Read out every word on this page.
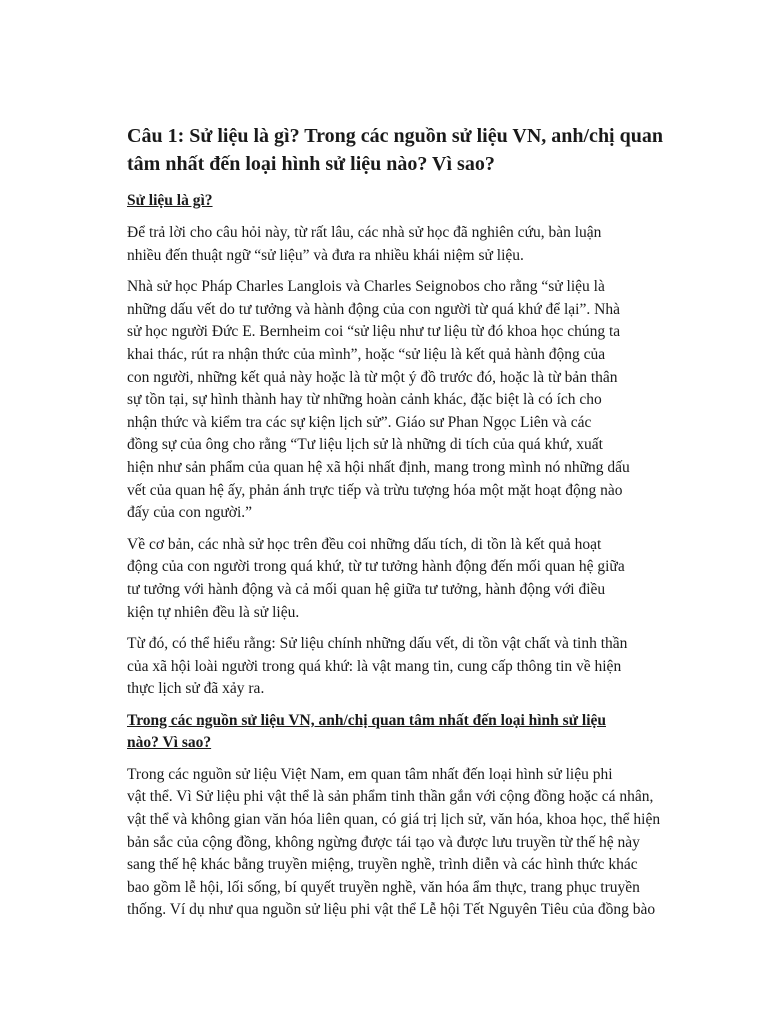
Câu 1: Sử liệu là gì? Trong các nguồn sử liệu VN, anh/chị quan
tâm nhất đến loại hình sử liệu nào? Vì sao?
Sử liệu là gì?
Để trả lời cho câu hỏi này, từ rất lâu, các nhà sử học đã nghiên cứu, bàn luận
nhiều đến thuật ngữ “sử liệu” và đưa ra nhiều khái niệm sử liệu.
Nhà sử học Pháp Charles Langlois và Charles Seignobos cho rằng “sử liệu là
những dấu vết do tư tưởng và hành động của con người từ quá khứ để lại”. Nhà
sử học người Đức E. Bernheim coi “sử liệu như tư liệu từ đó khoa học chúng ta
khai thác, rút ra nhận thức của mình”, hoặc “sử liệu là kết quả hành động của
con người, những kết quả này hoặc là từ một ý đồ trước đó, hoặc là từ bản thân
sự tồn tại, sự hình thành hay từ những hoàn cảnh khác, đặc biệt là có ích cho
nhận thức và kiểm tra các sự kiện lịch sử”. Giáo sư Phan Ngọc Liên và các
đồng sự của ông cho rằng “Tư liệu lịch sử là những di tích của quá khứ, xuất
hiện như sản phẩm của quan hệ xã hội nhất định, mang trong mình nó những dấu
vết của quan hệ ấy, phản ánh trực tiếp và trừu tượng hóa một mặt hoạt động nào
đấy của con người.”
Về cơ bản, các nhà sử học trên đều coi những dấu tích, di tồn là kết quả hoạt
động của con người trong quá khứ, từ tư tưởng hành động đến mối quan hệ giữa
tư tưởng với hành động và cả mối quan hệ giữa tư tưởng, hành động với điều
kiện tự nhiên đều là sử liệu.
Từ đó, có thể hiểu rằng: Sử liệu chính những dấu vết, di tồn vật chất và tinh thần
của xã hội loài người trong quá khứ: là vật mang tin, cung cấp thông tin về hiện
thực lịch sử đã xảy ra.
Trong các nguồn sử liệu VN, anh/chị quan tâm nhất đến loại hình sử liệu
nào? Vì sao?
Trong các nguồn sử liệu Việt Nam, em quan tâm nhất đến loại hình sử liệu phi
vật thể. Vì Sử liệu phi vật thể là sản phẩm tinh thần gắn với cộng đồng hoặc cá nhân,
vật thể và không gian văn hóa liên quan, có giá trị lịch sử, văn hóa, khoa học, thể hiện
bản sắc của cộng đồng, không ngừng được tái tạo và được lưu truyền từ thế hệ này
sang thế hệ khác bằng truyền miệng, truyền nghề, trình diễn và các hình thức khác
bao gồm lễ hội, lối sống, bí quyết truyền nghề, văn hóa ẩm thực, trang phục truyền
thống. Ví dụ như qua nguồn sử liệu phi vật thể Lễ hội Tết Nguyên Tiêu của đồng bào
